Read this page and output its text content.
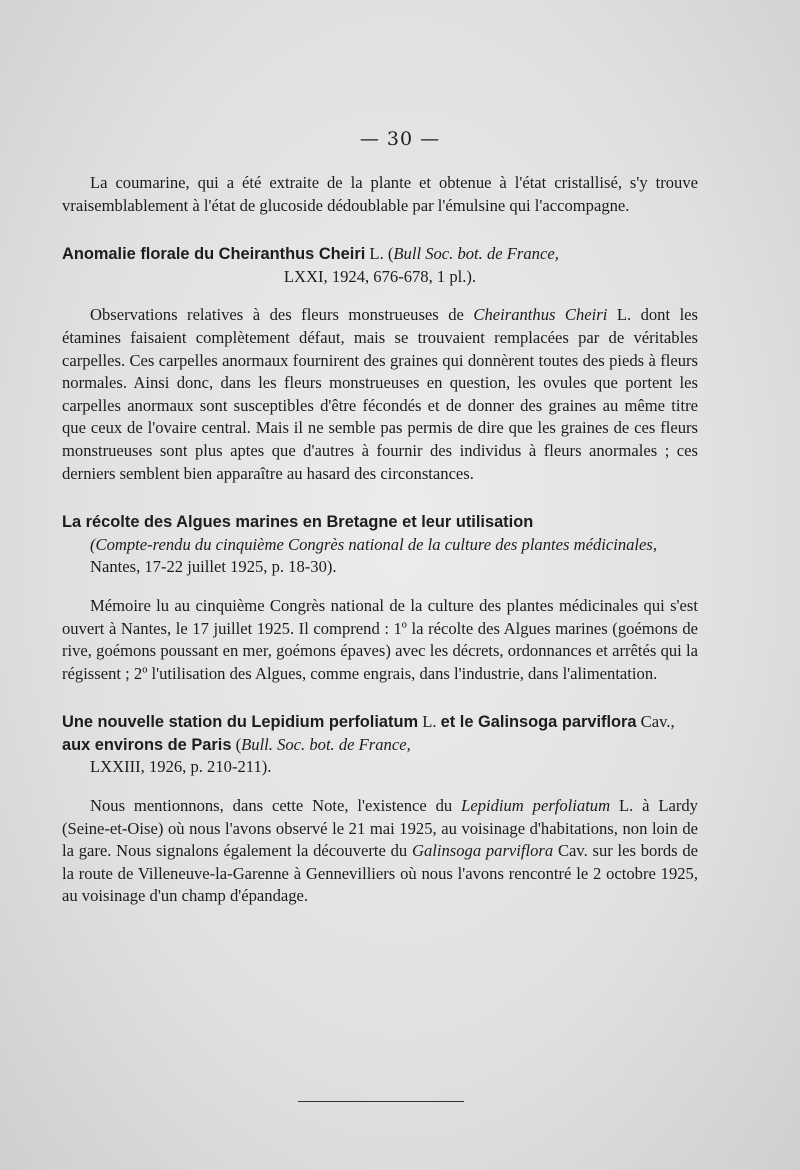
— 30 —

La coumarine, qui a été extraite de la plante et obtenue à l'état cristallisé, s'y trouve vraisemblablement à l'état de glucoside dédoublable par l'émulsine qui l'accompagne.

Anomalie florale du Cheiranthus Cheiri L. (Bull Soc. bot. de France,

LXXI, 1924, 676-678, 1 pl.).

Observations relatives à des fleurs monstrueuses de Cheiranthus Cheiri L. dont les étamines faisaient complètement défaut, mais se trouvaient remplacées par de véritables carpelles. Ces carpelles anormaux fournirent des graines qui donnèrent toutes des pieds à fleurs normales. Ainsi donc, dans les fleurs monstrueuses en question, les ovules que portent les carpelles anormaux sont susceptibles d'être fécondés et de donner des graines au même titre que ceux de l'ovaire central. Mais il ne semble pas permis de dire que les graines de ces fleurs monstrueuses sont plus aptes que d'autres à fournir des individus à fleurs anormales ; ces derniers semblent bien apparaître au hasard des circonstances.

La récolte des Algues marines en Bretagne et leur utilisation

(Compte-rendu du cinquième Congrès national de la culture des plantes médicinales, Nantes, 17-22 juillet 1925, p. 18-30).

Mémoire lu au cinquième Congrès national de la culture des plantes médicinales qui s'est ouvert à Nantes, le 17 juillet 1925. Il comprend : 1º la récolte des Algues marines (goémons de rive, goémons poussant en mer, goémons épaves) avec les décrets, ordonnances et arrêtés qui la régissent ; 2º l'utilisation des Algues, comme engrais, dans l'industrie, dans l'alimentation.

Une nouvelle station du Lepidium perfoliatum L. et le Galinsoga parviflora Cav., aux environs de Paris (Bull. Soc. bot. de France,

LXXIII, 1926, p. 210-211).

Nous mentionnons, dans cette Note, l'existence du Lepidium perfoliatum L. à Lardy (Seine-et-Oise) où nous l'avons observé le 21 mai 1925, au voisinage d'habitations, non loin de la gare. Nous signalons également la découverte du Galinsoga parviflora Cav. sur les bords de la route de Villeneuve-la-Garenne à Gennevilliers où nous l'avons rencontré le 2 octobre 1925, au voisinage d'un champ d'épandage.
